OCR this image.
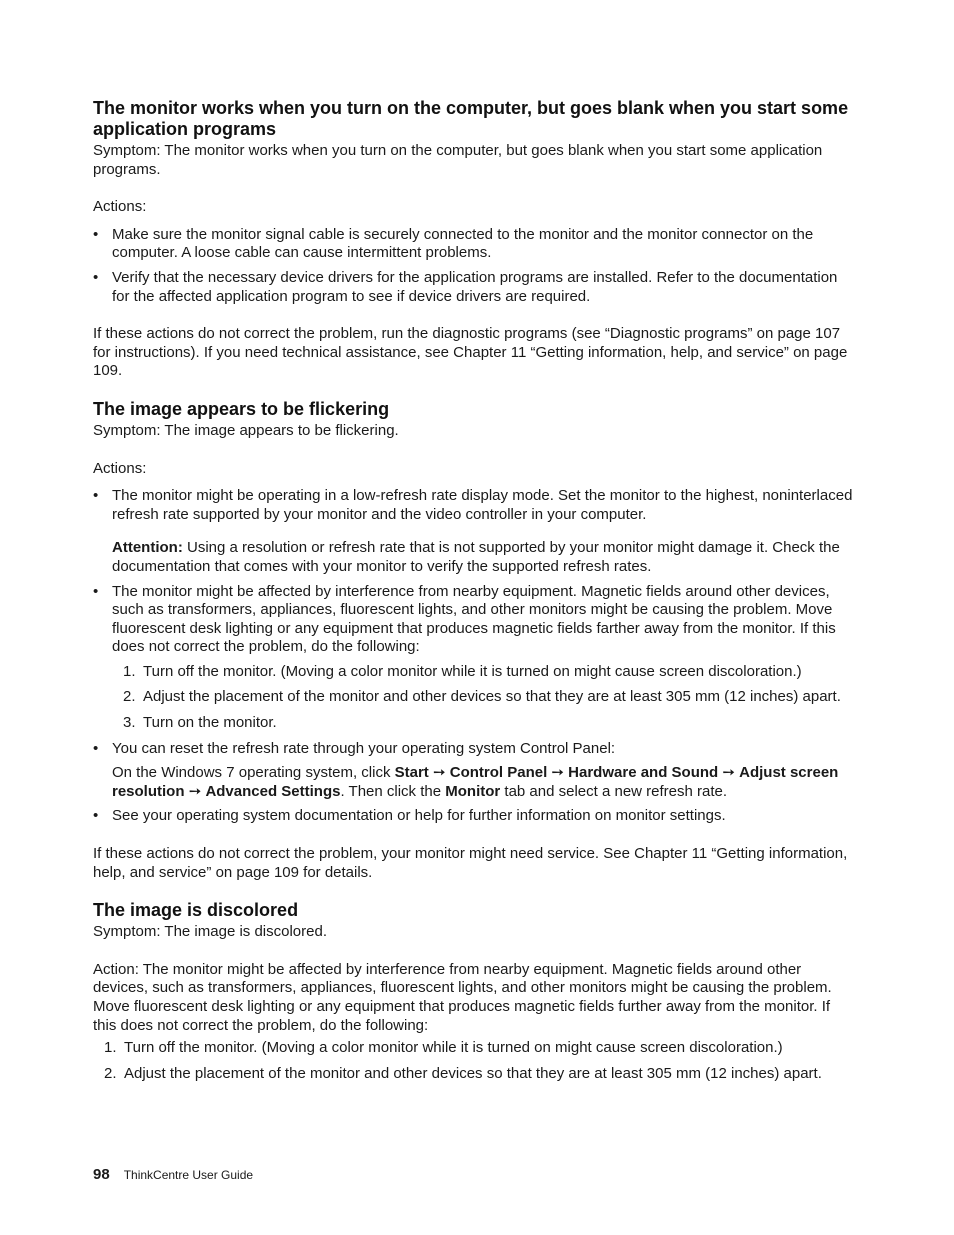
The monitor works when you turn on the computer, but goes blank when you start some application programs

Symptom: The monitor works when you turn on the computer, but goes blank when you start some application programs.

Actions:

• Make sure the monitor signal cable is securely connected to the monitor and the monitor connector on the computer. A loose cable can cause intermittent problems.
• Verify that the necessary device drivers for the application programs are installed. Refer to the documentation for the affected application program to see if device drivers are required.

If these actions do not correct the problem, run the diagnostic programs (see “Diagnostic programs” on page 107 for instructions). If you need technical assistance, see Chapter 11 “Getting information, help, and service” on page 109.

The image appears to be flickering

Symptom: The image appears to be flickering.

Actions:

• The monitor might be operating in a low-refresh rate display mode. Set the monitor to the highest, noninterlaced refresh rate supported by your monitor and the video controller in your computer.

Attention: Using a resolution or refresh rate that is not supported by your monitor might damage it. Check the documentation that comes with your monitor to verify the supported refresh rates.

• The monitor might be affected by interference from nearby equipment. Magnetic fields around other devices, such as transformers, appliances, fluorescent lights, and other monitors might be causing the problem. Move fluorescent desk lighting or any equipment that produces magnetic fields farther away from the monitor. If this does not correct the problem, do the following:
1. Turn off the monitor. (Moving a color monitor while it is turned on might cause screen discoloration.)
2. Adjust the placement of the monitor and other devices so that they are at least 305 mm (12 inches) apart.
3. Turn on the monitor.
• You can reset the refresh rate through your operating system Control Panel:

On the Windows 7 operating system, click Start ➙ Control Panel ➙ Hardware and Sound ➙ Adjust screen resolution ➙ Advanced Settings. Then click the Monitor tab and select a new refresh rate.

• See your operating system documentation or help for further information on monitor settings.

If these actions do not correct the problem, your monitor might need service. See Chapter 11 “Getting information, help, and service” on page 109 for details.

The image is discolored

Symptom: The image is discolored.

Action: The monitor might be affected by interference from nearby equipment. Magnetic fields around other devices, such as transformers, appliances, fluorescent lights, and other monitors might be causing the problem. Move fluorescent desk lighting or any equipment that produces magnetic fields further away from the monitor. If this does not correct the problem, do the following:

1. Turn off the monitor. (Moving a color monitor while it is turned on might cause screen discoloration.)
2. Adjust the placement of the monitor and other devices so that they are at least 305 mm (12 inches) apart.
98 ThinkCentre User Guide
